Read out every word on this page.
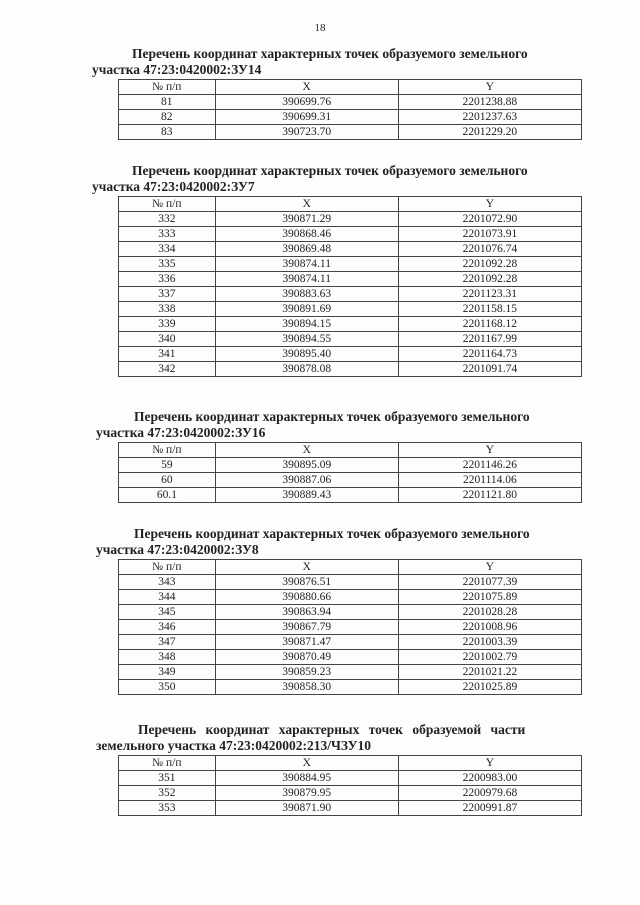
18

Перечень координат характерных точек образуемого земельного
участка 47:23:0420002:ЗУ14

№ п/п	X	Y
81	390699.76	2201238.88
82	390699.31	2201237.63
83	390723.70	2201229.20

Перечень координат характерных точек образуемого земельного
участка 47:23:0420002:ЗУ7

№ п/п	X	Y
332	390871.29	2201072.90
333	390868.46	2201073.91
334	390869.48	2201076.74
335	390874.11	2201092.28
336	390874.11	2201092.28
337	390883.63	2201123.31
338	390891.69	2201158.15
339	390894.15	2201168.12
340	390894.55	2201167.99
341	390895.40	2201164.73
342	390878.08	2201091.74

Перечень координат характерных точек образуемого земельного
участка 47:23:0420002:ЗУ16

№ п/п	X	Y
59	390895.09	2201146.26
60	390887.06	2201114.06
60.1	390889.43	2201121.80

Перечень координат характерных точек образуемого земельного
участка 47:23:0420002:ЗУ8

№ п/п	X	Y
343	390876.51	2201077.39
344	390880.66	2201075.89
345	390863.94	2201028.28
346	390867.79	2201008.96
347	390871.47	2201003.39
348	390870.49	2201002.79
349	390859.23	2201021.22
350	390858.30	2201025.89

Перечень координат характерных точек образуемой части
земельного участка 47:23:0420002:213/ЧЗУ10

№ п/п	X	Y
351	390884.95	2200983.00
352	390879.95	2200979.68
353	390871.90	2200991.87
